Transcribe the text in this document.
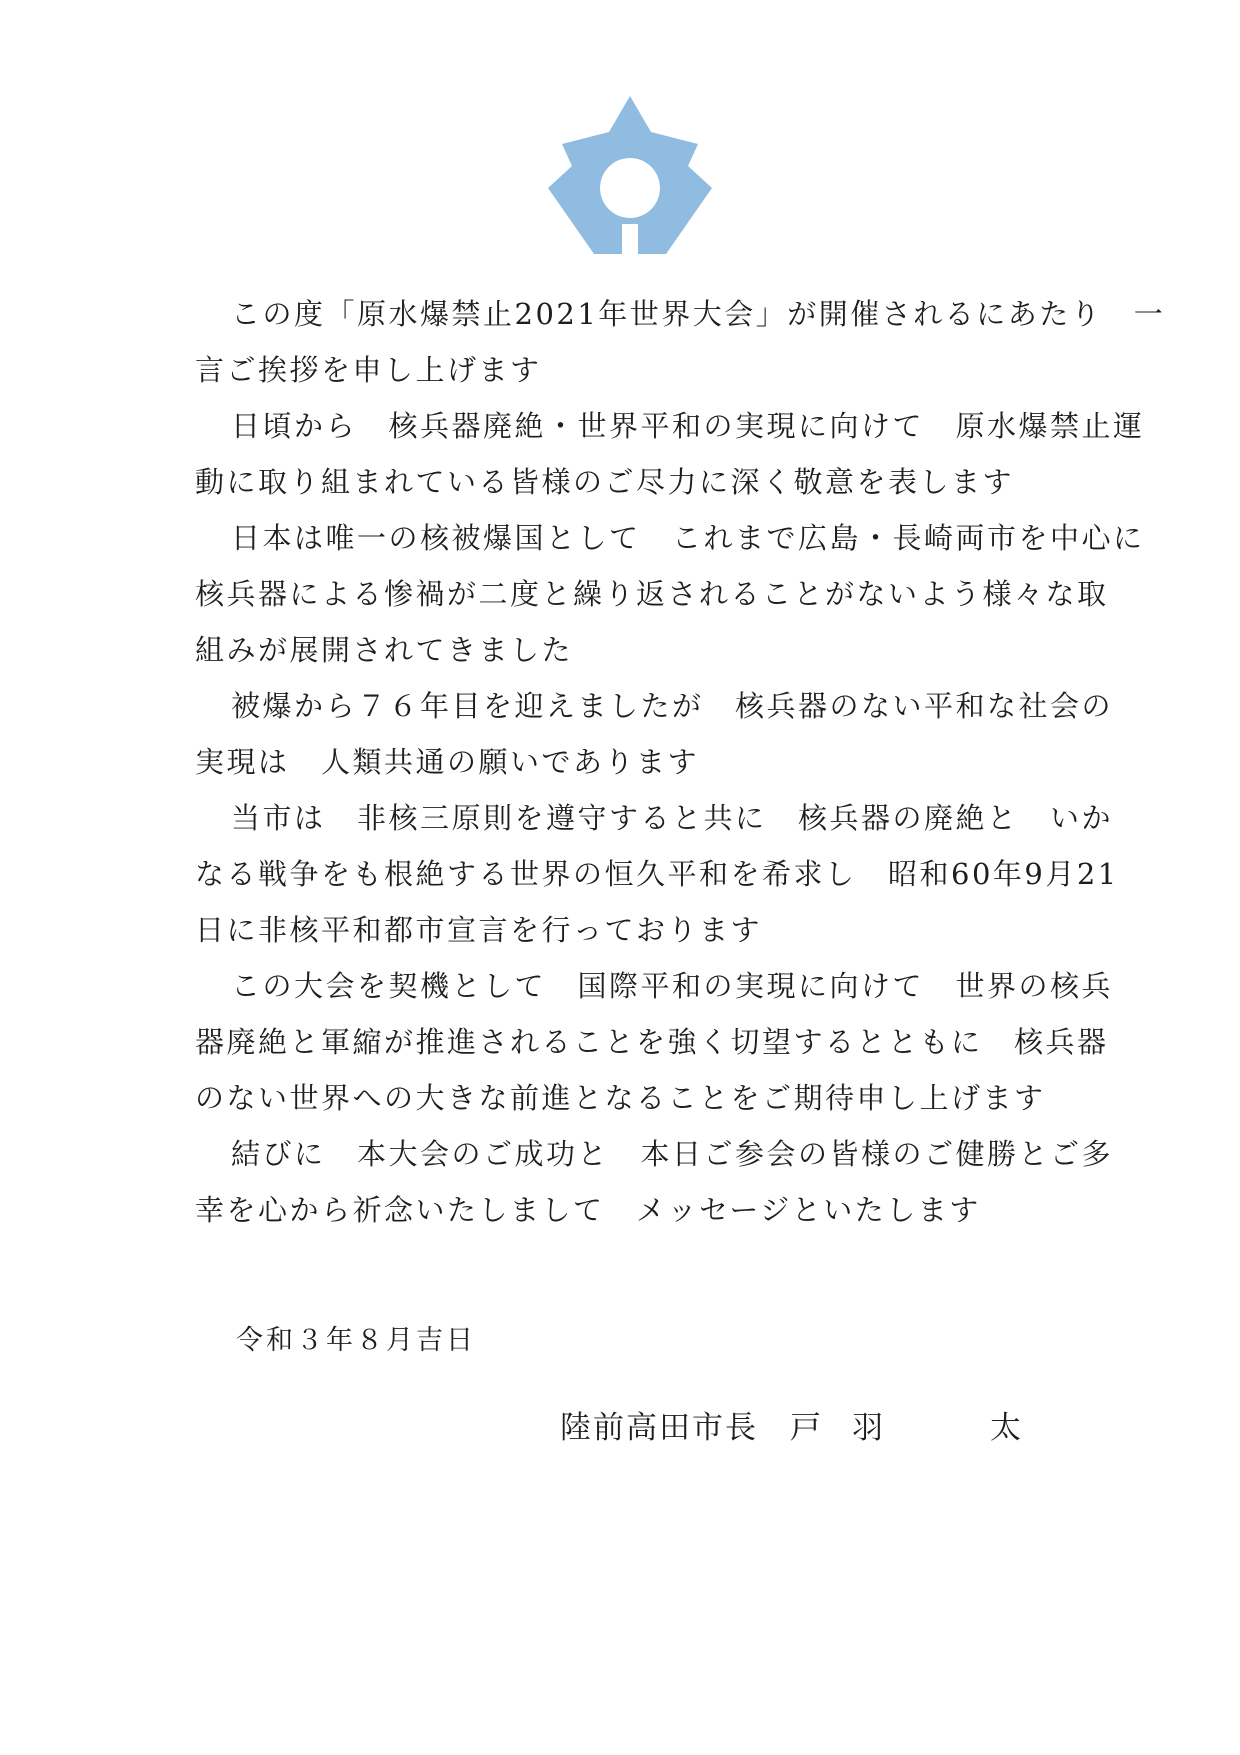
この度「原水爆禁止2021年世界大会」が開催されるにあたり　一
言ご挨拶を申し上げます
日頃から　核兵器廃絶・世界平和の実現に向けて　原水爆禁止運
動に取り組まれている皆様のご尽力に深く敬意を表します
日本は唯一の核被爆国として　これまで広島・長崎両市を中心に
核兵器による惨禍が二度と繰り返されることがないよう様々な取
組みが展開されてきました
被爆から７６年目を迎えましたが　核兵器のない平和な社会の
実現は　人類共通の願いであります
当市は　非核三原則を遵守すると共に　核兵器の廃絶と　いか
なる戦争をも根絶する世界の恒久平和を希求し　昭和60年9月21
日に非核平和都市宣言を行っております
この大会を契機として　国際平和の実現に向けて　世界の核兵
器廃絶と軍縮が推進されることを強く切望するとともに　核兵器
のない世界への大きな前進となることをご期待申し上げます
結びに　本大会のご成功と　本日ご参会の皆様のご健勝とご多
幸を心から祈念いたしまして　メッセージといたします
令和３年８月吉日
陸前高田市長 戸 羽	太
